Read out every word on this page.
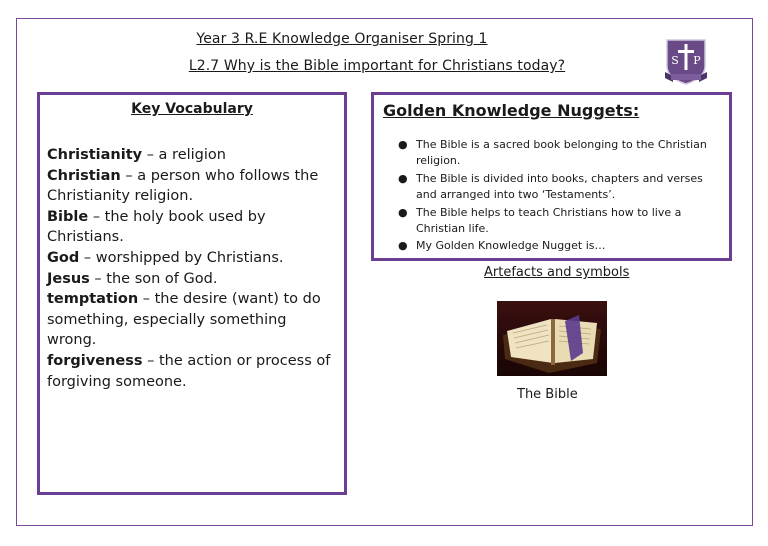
Year 3 R.E Knowledge Organiser Spring 1
L2.7 Why is the Bible important for Christians today?	S P
Key Vocabulary

Christianity – a religion

Christian – a person who follows the Christianity religion.

Bible – the holy book used by Christians.

God – worshipped by Christians.

Jesus – the son of God.

temptation – the desire (want) to do something, especially something wrong.

forgiveness – the action or process of forgiving someone.

Golden Knowledge Nuggets:
● The Bible is a sacred book belonging to the Christian religion.
● The Bible is divided into books, chapters and verses and arranged into two ‘Testaments’.
● The Bible helps to teach Christians how to live a Christian life.
● My Golden Knowledge Nugget is…
Artefacts and symbols
The Bible
